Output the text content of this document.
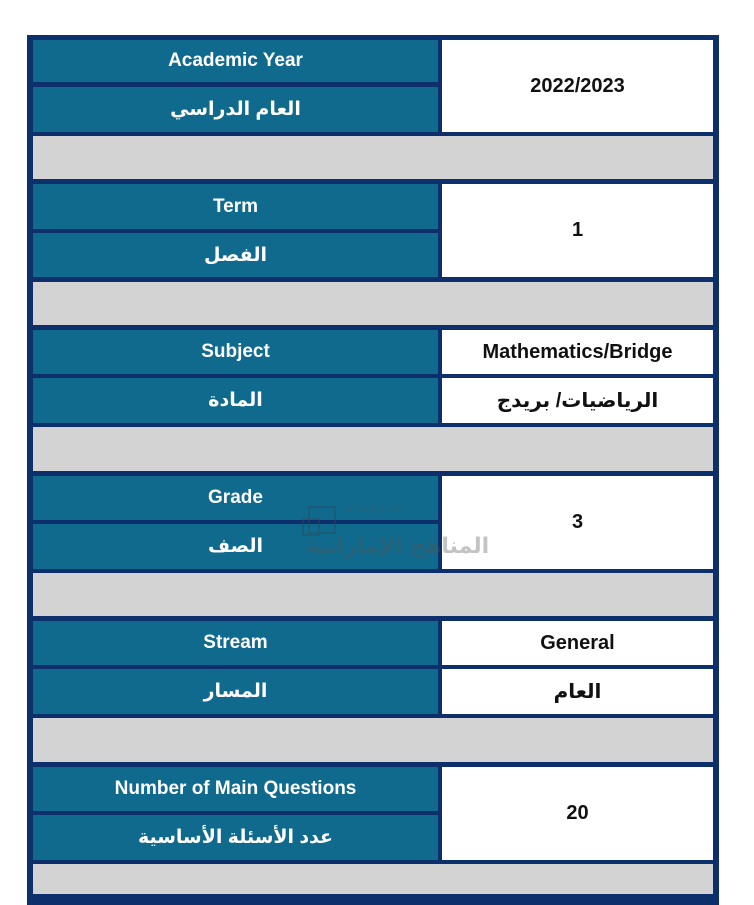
Academic Year
العام الدراسي
2022/2023
Term
الفصل
1
Subject
المادة
Mathematics/Bridge
الرياضيات/ بريدج
Grade
الصف
3
Stream
المسار
General
العام
Number of Main Questions
عدد الأسئلة الأساسية
20
almanahj.com
المناهج الإماراتية
